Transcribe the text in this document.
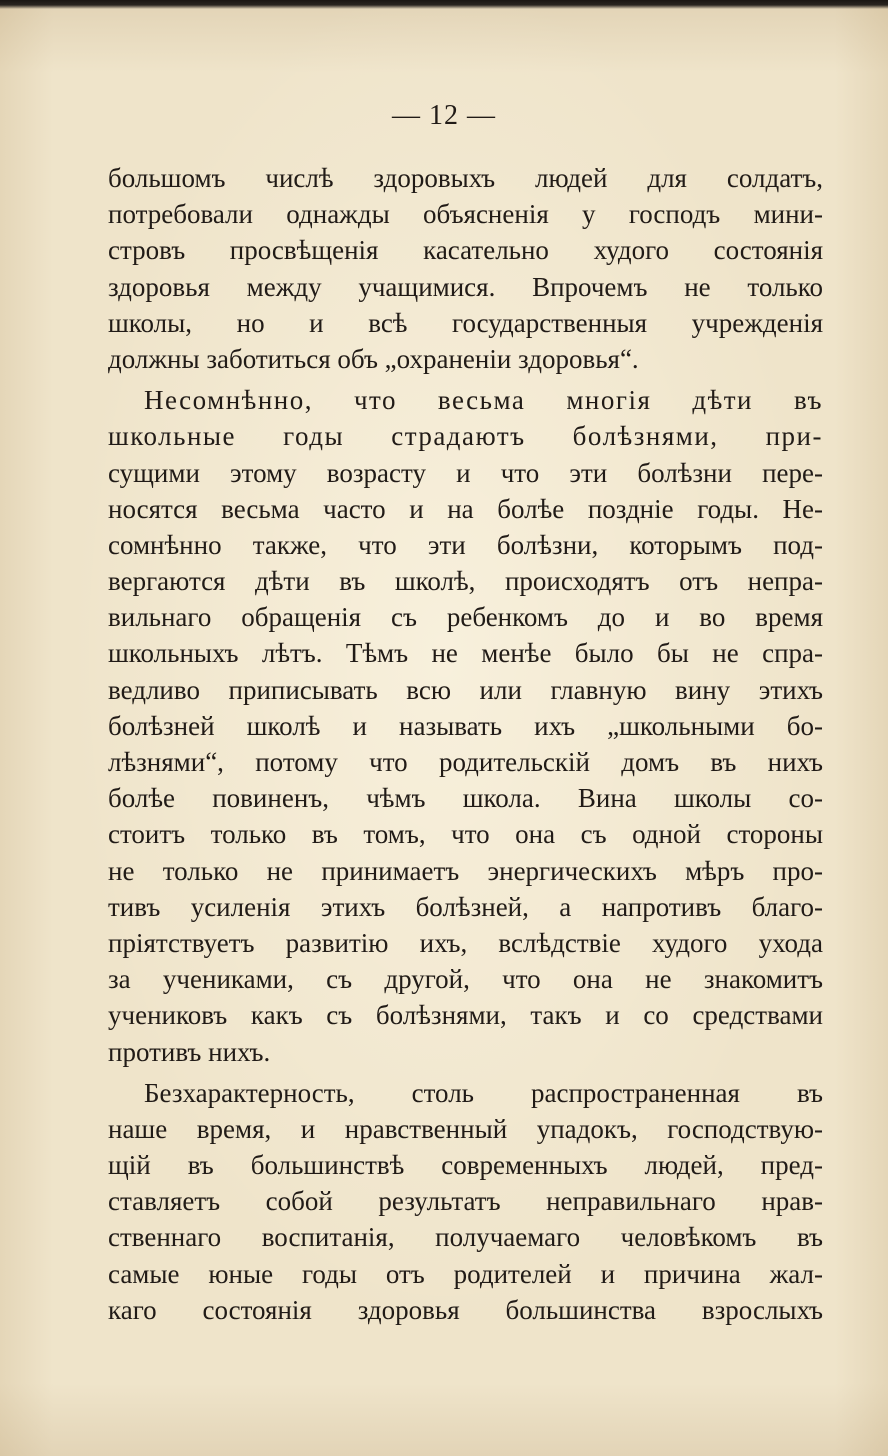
— 12 —
большомъ числѣ здоровыхъ людей для солдатъ,
потребовали однажды объясненія у господъ мини-
стровъ просвѣщенія касательно худого состоянія
здоровья между учащимися. Впрочемъ не только
школы, но и всѣ государственныя учрежденія
должны заботиться объ „охраненіи здоровья“.
Несомнѣнно, что весьма многія дѣти въ
школьные годы страдаютъ болѣзнями, при-
сущими этому возрасту и что эти болѣзни пере-
носятся весьма часто и на болѣе поздніе годы. Не-
сомнѣнно также, что эти болѣзни, которымъ под-
вергаются дѣти въ школѣ, происходятъ отъ непра-
вильнаго обращенія съ ребенкомъ до и во время
школьныхъ лѣтъ. Тѣмъ не менѣе было бы не спра-
ведливо приписывать всю или главную вину этихъ
болѣзней школѣ и называть ихъ „школьными бо-
лѣзнями“, потому что родительскій домъ въ нихъ
болѣе повиненъ, чѣмъ школа. Вина школы со-
стоитъ только въ томъ, что она съ одной стороны
не только не принимаетъ энергическихъ мѣръ про-
тивъ усиленія этихъ болѣзней, а напротивъ благо-
пріятствуетъ развитію ихъ, вслѣдствіе худого ухода
за учениками, съ другой, что она не знакомитъ
учениковъ какъ съ болѣзнями, такъ и со средствами
противъ нихъ.
Безхарактерность, столь распространенная въ
наше время, и нравственный упадокъ, господствую-
щій въ большинствѣ современныхъ людей, пред-
ставляетъ собой результатъ неправильнаго нрав-
ственнаго воспитанія, получаемаго человѣкомъ въ
самые юные годы отъ родителей и причина жал-
каго состоянія здоровья большинства взрослыхъ
